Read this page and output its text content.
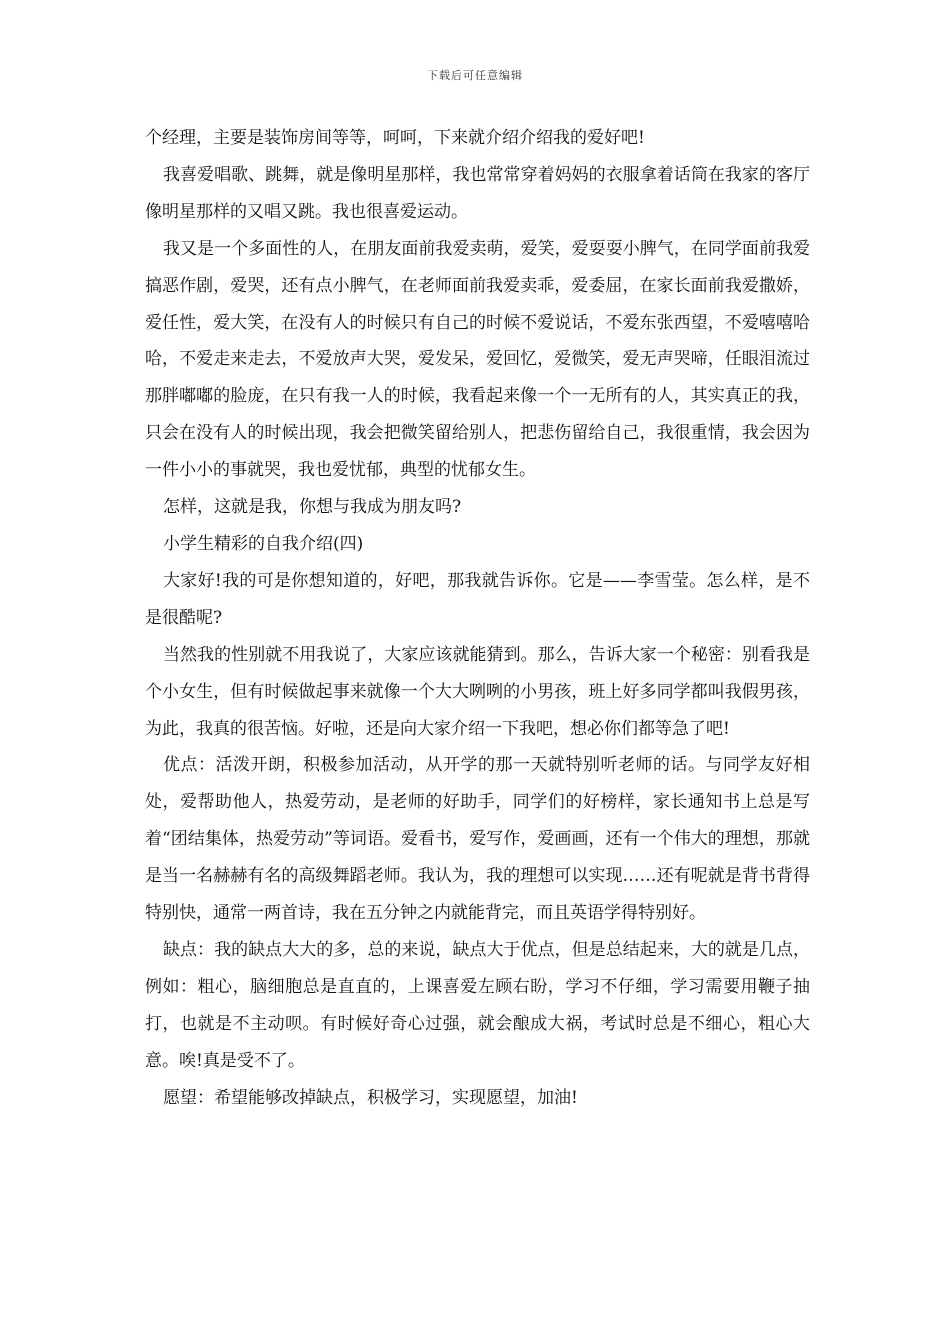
下载后可任意编辑

个经理，主要是装饰房间等等，呵呵，下来就介绍介绍我的爱好吧!

我喜爱唱歌、跳舞，就是像明星那样，我也常常穿着妈妈的衣服拿着话筒在我家的客厅像明星那样的又唱又跳。我也很喜爱运动。

我又是一个多面性的人，在朋友面前我爱卖萌，爱笑，爱耍耍小脾气，在同学面前我爱搞恶作剧，爱哭，还有点小脾气，在老师面前我爱卖乖，爱委屈，在家长面前我爱撒娇，爱任性，爱大笑，在没有人的时候只有自己的时候不爱说话，不爱东张西望，不爱嘻嘻哈哈，不爱走来走去，不爱放声大哭，爱发呆，爱回忆，爱微笑，爱无声哭啼，任眼泪流过那胖嘟嘟的脸庞，在只有我一人的时候，我看起来像一个一无所有的人，其实真正的我，只会在没有人的时候出现，我会把微笑留给别人，把悲伤留给自己，我很重情，我会因为一件小小的事就哭，我也爱忧郁，典型的忧郁女生。

怎样，这就是我，你想与我成为朋友吗?

小学生精彩的自我介绍(四)

大家好!我的可是你想知道的，好吧，那我就告诉你。它是——李雪莹。怎么样，是不是很酷呢?

当然我的性别就不用我说了，大家应该就能猜到。那么，告诉大家一个秘密：别看我是个小女生，但有时候做起事来就像一个大大咧咧的小男孩，班上好多同学都叫我假男孩，为此，我真的很苦恼。好啦，还是向大家介绍一下我吧，想必你们都等急了吧!

优点：活泼开朗，积极参加活动，从开学的那一天就特别听老师的话。与同学友好相处，爱帮助他人，热爱劳动，是老师的好助手，同学们的好榜样，家长通知书上总是写着“团结集体，热爱劳动”等词语。爱看书，爱写作，爱画画，还有一个伟大的理想，那就是当一名赫赫有名的高级舞蹈老师。我认为，我的理想可以实现……还有呢就是背书背得特别快，通常一两首诗，我在五分钟之内就能背完，而且英语学得特别好。

缺点：我的缺点大大的多，总的来说，缺点大于优点，但是总结起来，大的就是几点，例如：粗心，脑细胞总是直直的，上课喜爱左顾右盼，学习不仔细，学习需要用鞭子抽打，也就是不主动呗。有时候好奇心过强，就会酿成大祸，考试时总是不细心，粗心大意。唉!真是受不了。

愿望：希望能够改掉缺点，积极学习，实现愿望，加油!
